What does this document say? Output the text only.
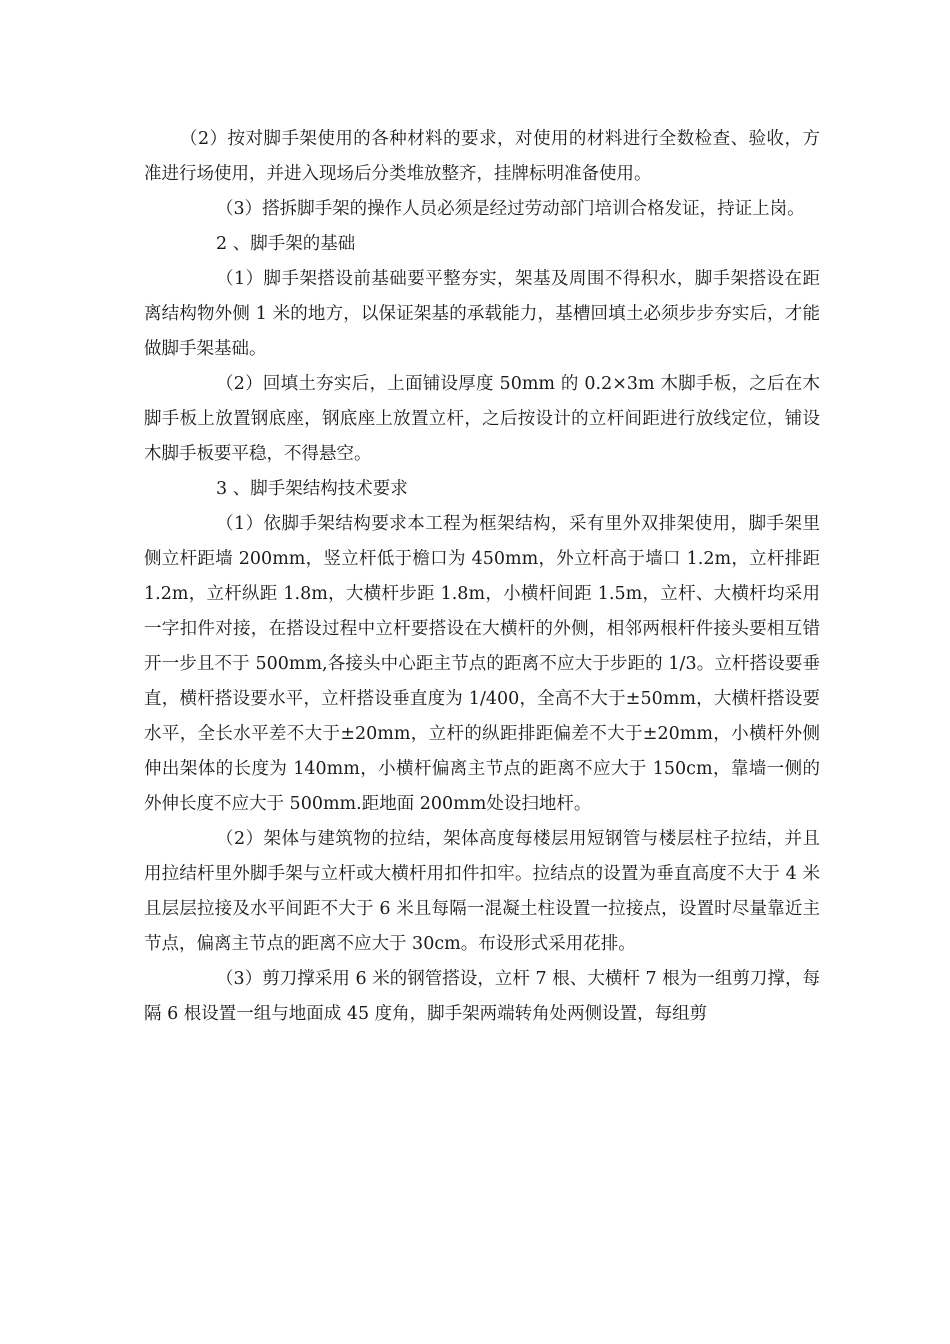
（2）按对脚手架使用的各种材料的要求，对使用的材料进行全数检查、验收，方准进行场使用，并进入现场后分类堆放整齐，挂牌标明准备使用。

（3）搭拆脚手架的操作人员必须是经过劳动部门培训合格发证，持证上岗。

2 、脚手架的基础

（1）脚手架搭设前基础要平整夯实，架基及周围不得积水，脚手架搭设在距离结构物外侧 1 米的地方，以保证架基的承载能力，基槽回填土必须步步夯实后，才能做脚手架基础。

（2）回填土夯实后，上面铺设厚度 50mm 的 0.2×3m 木脚手板，之后在木脚手板上放置钢底座，钢底座上放置立杆，之后按设计的立杆间距进行放线定位，铺设木脚手板要平稳，不得悬空。

3 、脚手架结构技术要求

（1）依脚手架结构要求本工程为框架结构，采有里外双排架使用，脚手架里侧立杆距墙 200mm，竖立杆低于檐口为 450mm，外立杆高于墙口 1.2m，立杆排距 1.2m，立杆纵距 1.8m，大横杆步距 1.8m，小横杆间距 1.5m，立杆、大横杆均采用一字扣件对接，在搭设过程中立杆要搭设在大横杆的外侧，相邻两根杆件接头要相互错开一步且不于 500mm,各接头中心距主节点的距离不应大于步距的 1/3。立杆搭设要垂直，横杆搭设要水平，立杆搭设垂直度为 1/400，全高不大于±50mm，大横杆搭设要水平，全长水平差不大于±20mm，立杆的纵距排距偏差不大于±20mm，小横杆外侧伸出架体的长度为 140mm，小横杆偏离主节点的距离不应大于 150cm，靠墙一侧的外伸长度不应大于 500mm.距地面 200mm处设扫地杆。

（2）架体与建筑物的拉结，架体高度每楼层用短钢管与楼层柱子拉结，并且用拉结杆里外脚手架与立杆或大横杆用扣件扣牢。拉结点的设置为垂直高度不大于 4 米且层层拉接及水平间距不大于 6 米且每隔一混凝土柱设置一拉接点，设置时尽量靠近主节点，偏离主节点的距离不应大于 30cm。布设形式采用花排。

（3）剪刀撑采用 6 米的钢管搭设，立杆 7 根、大横杆 7 根为一组剪刀撑，每隔 6 根设置一组与地面成 45 度角，脚手架两端转角处两侧设置，每组剪
